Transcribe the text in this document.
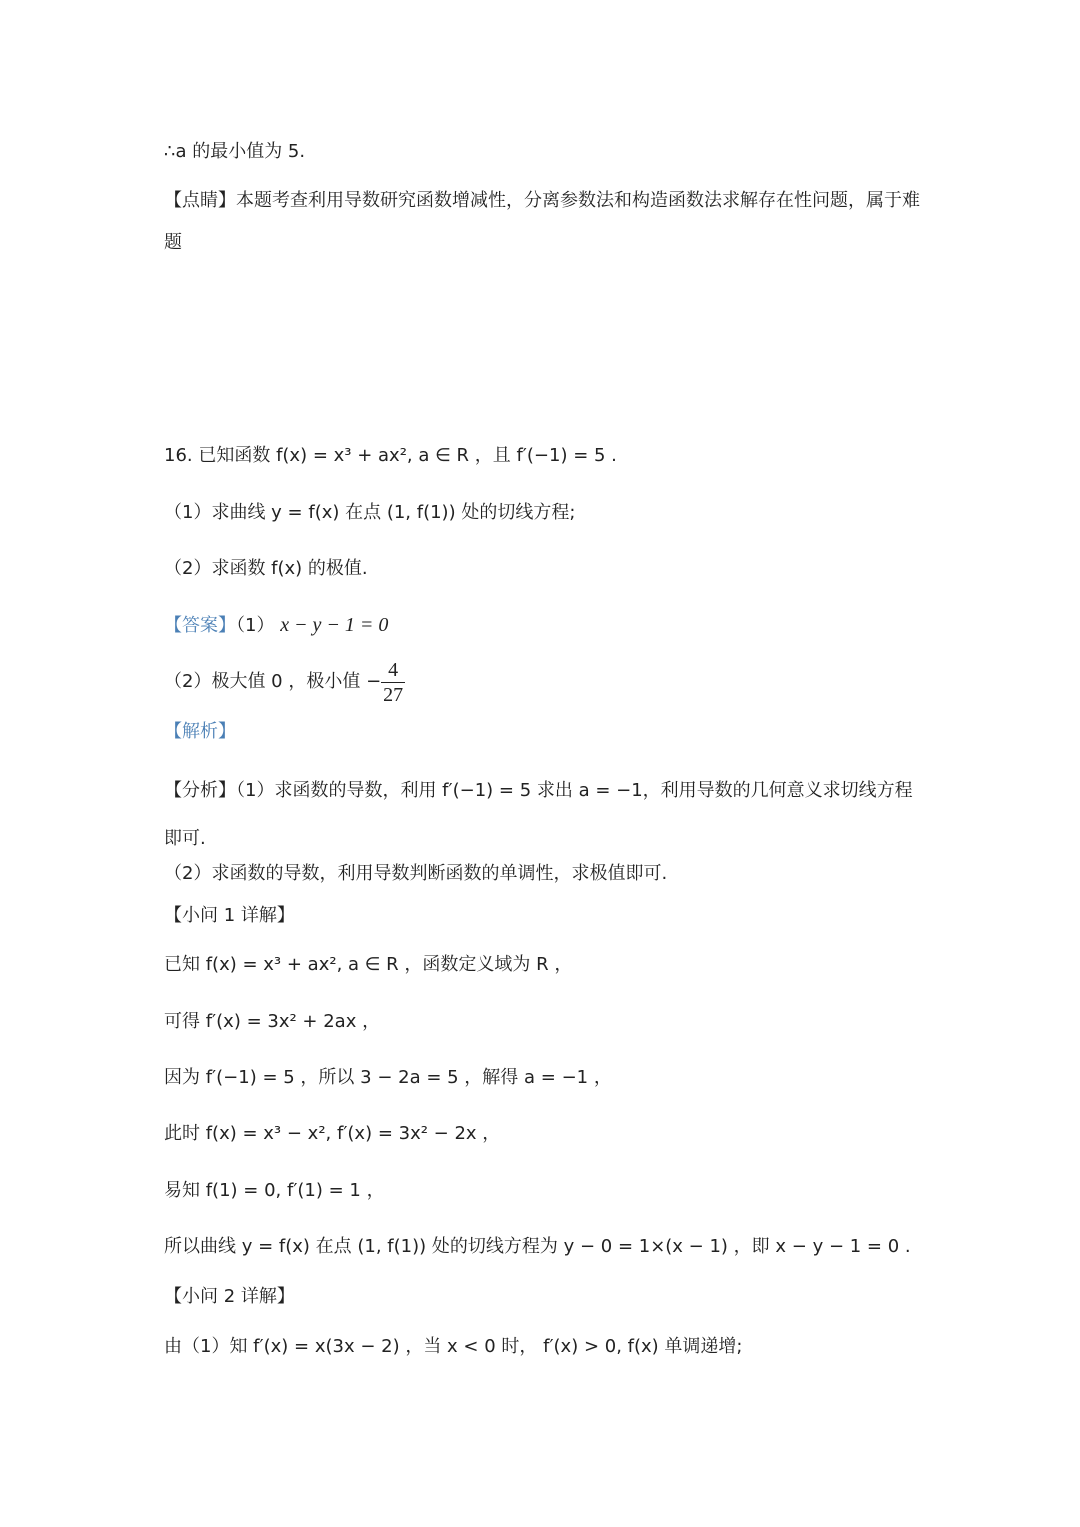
∴a 的最小值为 5.
【点睛】本题考查利用导数研究函数增减性，分离参数法和构造函数法求解存在性问题，属于难题
16. 已知函数 f(x) = x³ + ax², a ∈ R ，且 f′(−1) = 5 .
（1）求曲线 y = f(x) 在点 (1, f(1)) 处的切线方程;
（2）求函数 f(x) 的极值.
【答案】（1） x − y − 1 = 0
（2）极大值 0 ，极小值 − $\frac{4}{27}$
【解析】
【分析】（1）求函数的导数，利用 f′(−1) = 5 求出 a = −1，利用导数的几何意义求切线方程即可.
（2）求函数的导数，利用导数判断函数的单调性，求极值即可.
【小问 1 详解】
已知 f(x) = x³ + ax², a ∈ R ，函数定义域为 R ，
可得 f′(x) = 3x² + 2ax ，
因为 f′(−1) = 5 ，所以 3 − 2a = 5 ，解得 a = −1 ，
此时 f(x) = x³ − x², f′(x) = 3x² − 2x ，
易知 f(1) = 0, f′(1) = 1 ，
所以曲线 y = f(x) 在点 (1, f(1)) 处的切线方程为 y − 0 = 1×(x − 1) ，即 x − y − 1 = 0 .
【小问 2 详解】
由（1）知 f′(x) = x(3x − 2) ，当 x < 0 时， f′(x) > 0, f(x) 单调递增;
